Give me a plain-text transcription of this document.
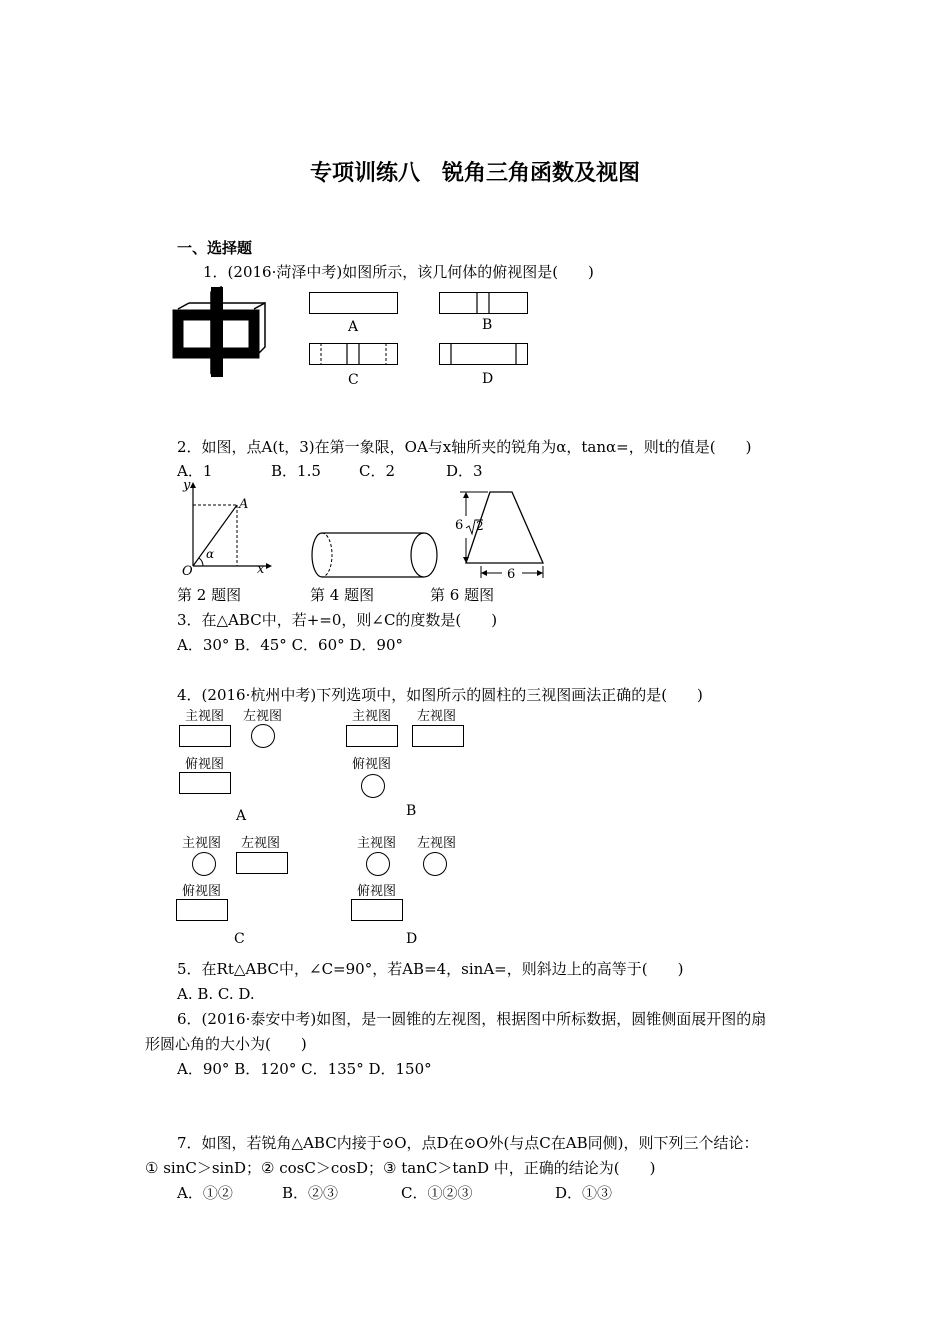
专项训练八　锐角三角函数及视图
一、选择题
1．(2016·菏泽中考)如图所示，该几何体的俯视图是(　　)
A	B
C	D
2．如图，点A(t，3)在第一象限，OA与x轴所夹的锐角为α，tanα=，则t的值是(　　)
A．1	B．1.5	C．2	D．3
y
x
O
A
α
6 2
6
第 2 题图	第 4 题图	第 6 题图
3．在△ABC中，若+=0，则∠C的度数是(　　)
A．30° B．45° C．60° D．90°
4．(2016·杭州中考)下列选项中，如图所示的圆柱的三视图画法正确的是(　　)
主视图 左视图
俯视图
A
主视图 左视图
俯视图
B
主视图 左视图
俯视图
C
主视图 左视图
俯视图
D
5．在Rt△ABC中，∠C=90°，若AB=4，sinA=，则斜边上的高等于(　　)
A. B. C. D.
6．(2016·泰安中考)如图，是一圆锥的左视图，根据图中所标数据，圆锥侧面展开图的扇
形圆心角的大小为(　　)
A．90° B．120° C．135° D．150°
7．如图，若锐角△ABC内接于⊙O，点D在⊙O外(与点C在AB同侧)，则下列三个结论：
① sinC＞sinD；② cosC＞cosD；③ tanC＞tanD 中，正确的结论为(　　)
A．①②	B．②③	C．①②③	D．①③
